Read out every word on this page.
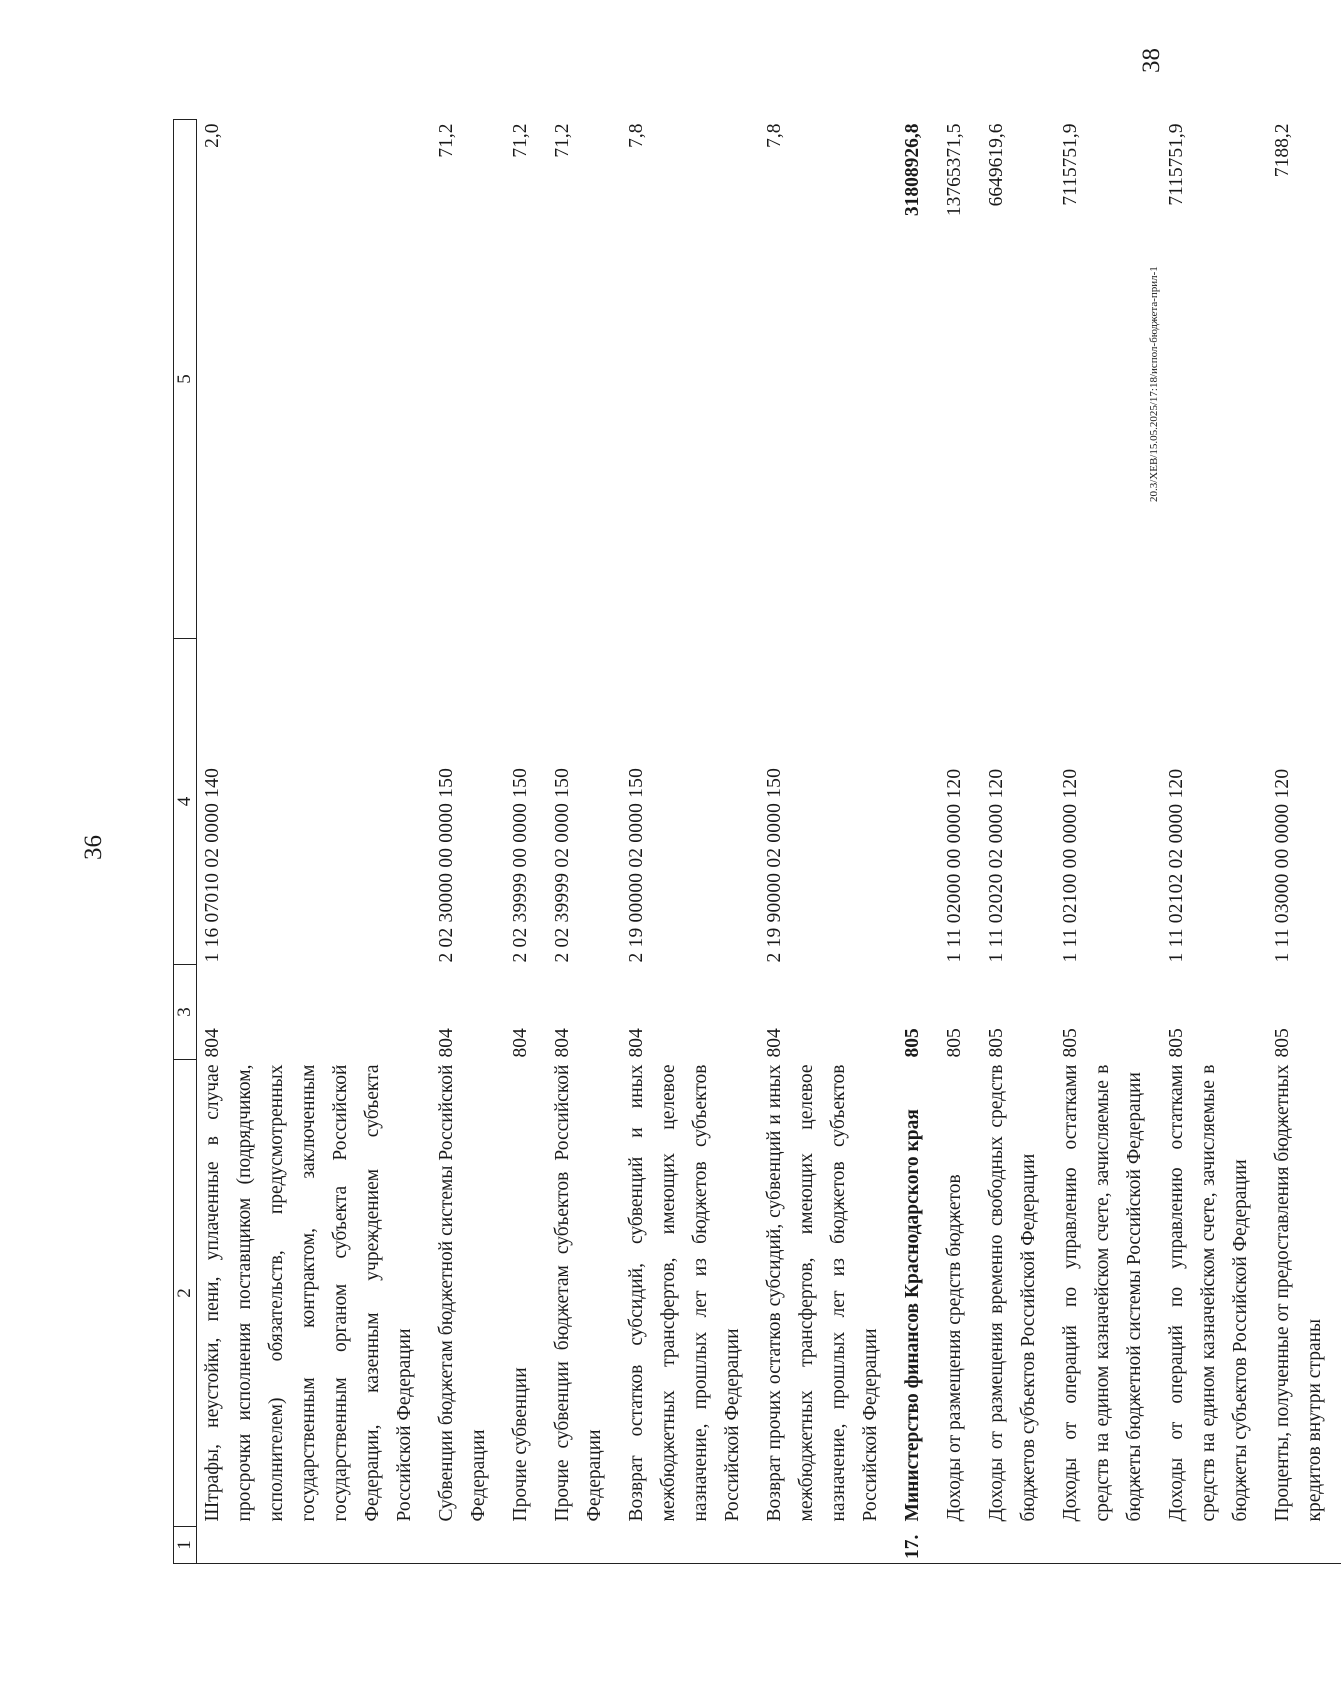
36
1	2	3	4	5
	Штрафы, неустойки, пени, уплаченные в случае просрочки исполнения поставщиком (подрядчиком, исполнителем) обязательств, предусмотренных государственным контрактом, заключенным государственным органом субъекта Российской Федерации, казенным учреждением субъекта Российской Федерации	804	1 16 07010 02 0000 140	2,0
	Субвенции бюджетам бюджетной системы Российской Федерации	804	2 02 30000 00 0000 150	71,2
	Прочие субвенции	804	2 02 39999 00 0000 150	71,2
	Прочие субвенции бюджетам субъектов Российской Федерации	804	2 02 39999 02 0000 150	71,2
	Возврат остатков субсидий, субвенций и иных межбюджетных трансфертов, имеющих целевое назначение, прошлых лет из бюджетов субъектов Российской Федерации	804	2 19 00000 02 0000 150	7,8
	Возврат прочих остатков субсидий, субвенций и иных межбюджетных трансфертов, имеющих целевое назначение, прошлых лет из бюджетов субъектов Российской Федерации	804	2 19 90000 02 0000 150	7,8
17.	Министерство финансов Краснодарского края	805		31808926,8
	Доходы от размещения средств бюджетов	805	1 11 02000 00 0000 120	13765371,5
	Доходы от размещения временно свободных средств бюджетов субъектов Российской Федерации	805	1 11 02020 02 0000 120	6649619,6
	Доходы от операций по управлению остатками средств на едином казначейском счете, зачисляемые в бюджеты бюджетной системы Российской Федерации	805	1 11 02100 00 0000 120	7115751,9
	Доходы от операций по управлению остатками средств на едином казначейском счете, зачисляемые в бюджеты субъектов Российской Федерации	805	1 11 02102 02 0000 120	7115751,9
	Проценты, полученные от предоставления бюджетных кредитов внутри страны	805	1 11 03000 00 0000 120	7188,2
20.3/XEB/15.05.2025/17:18/испол-бюджета-прил-1
38
